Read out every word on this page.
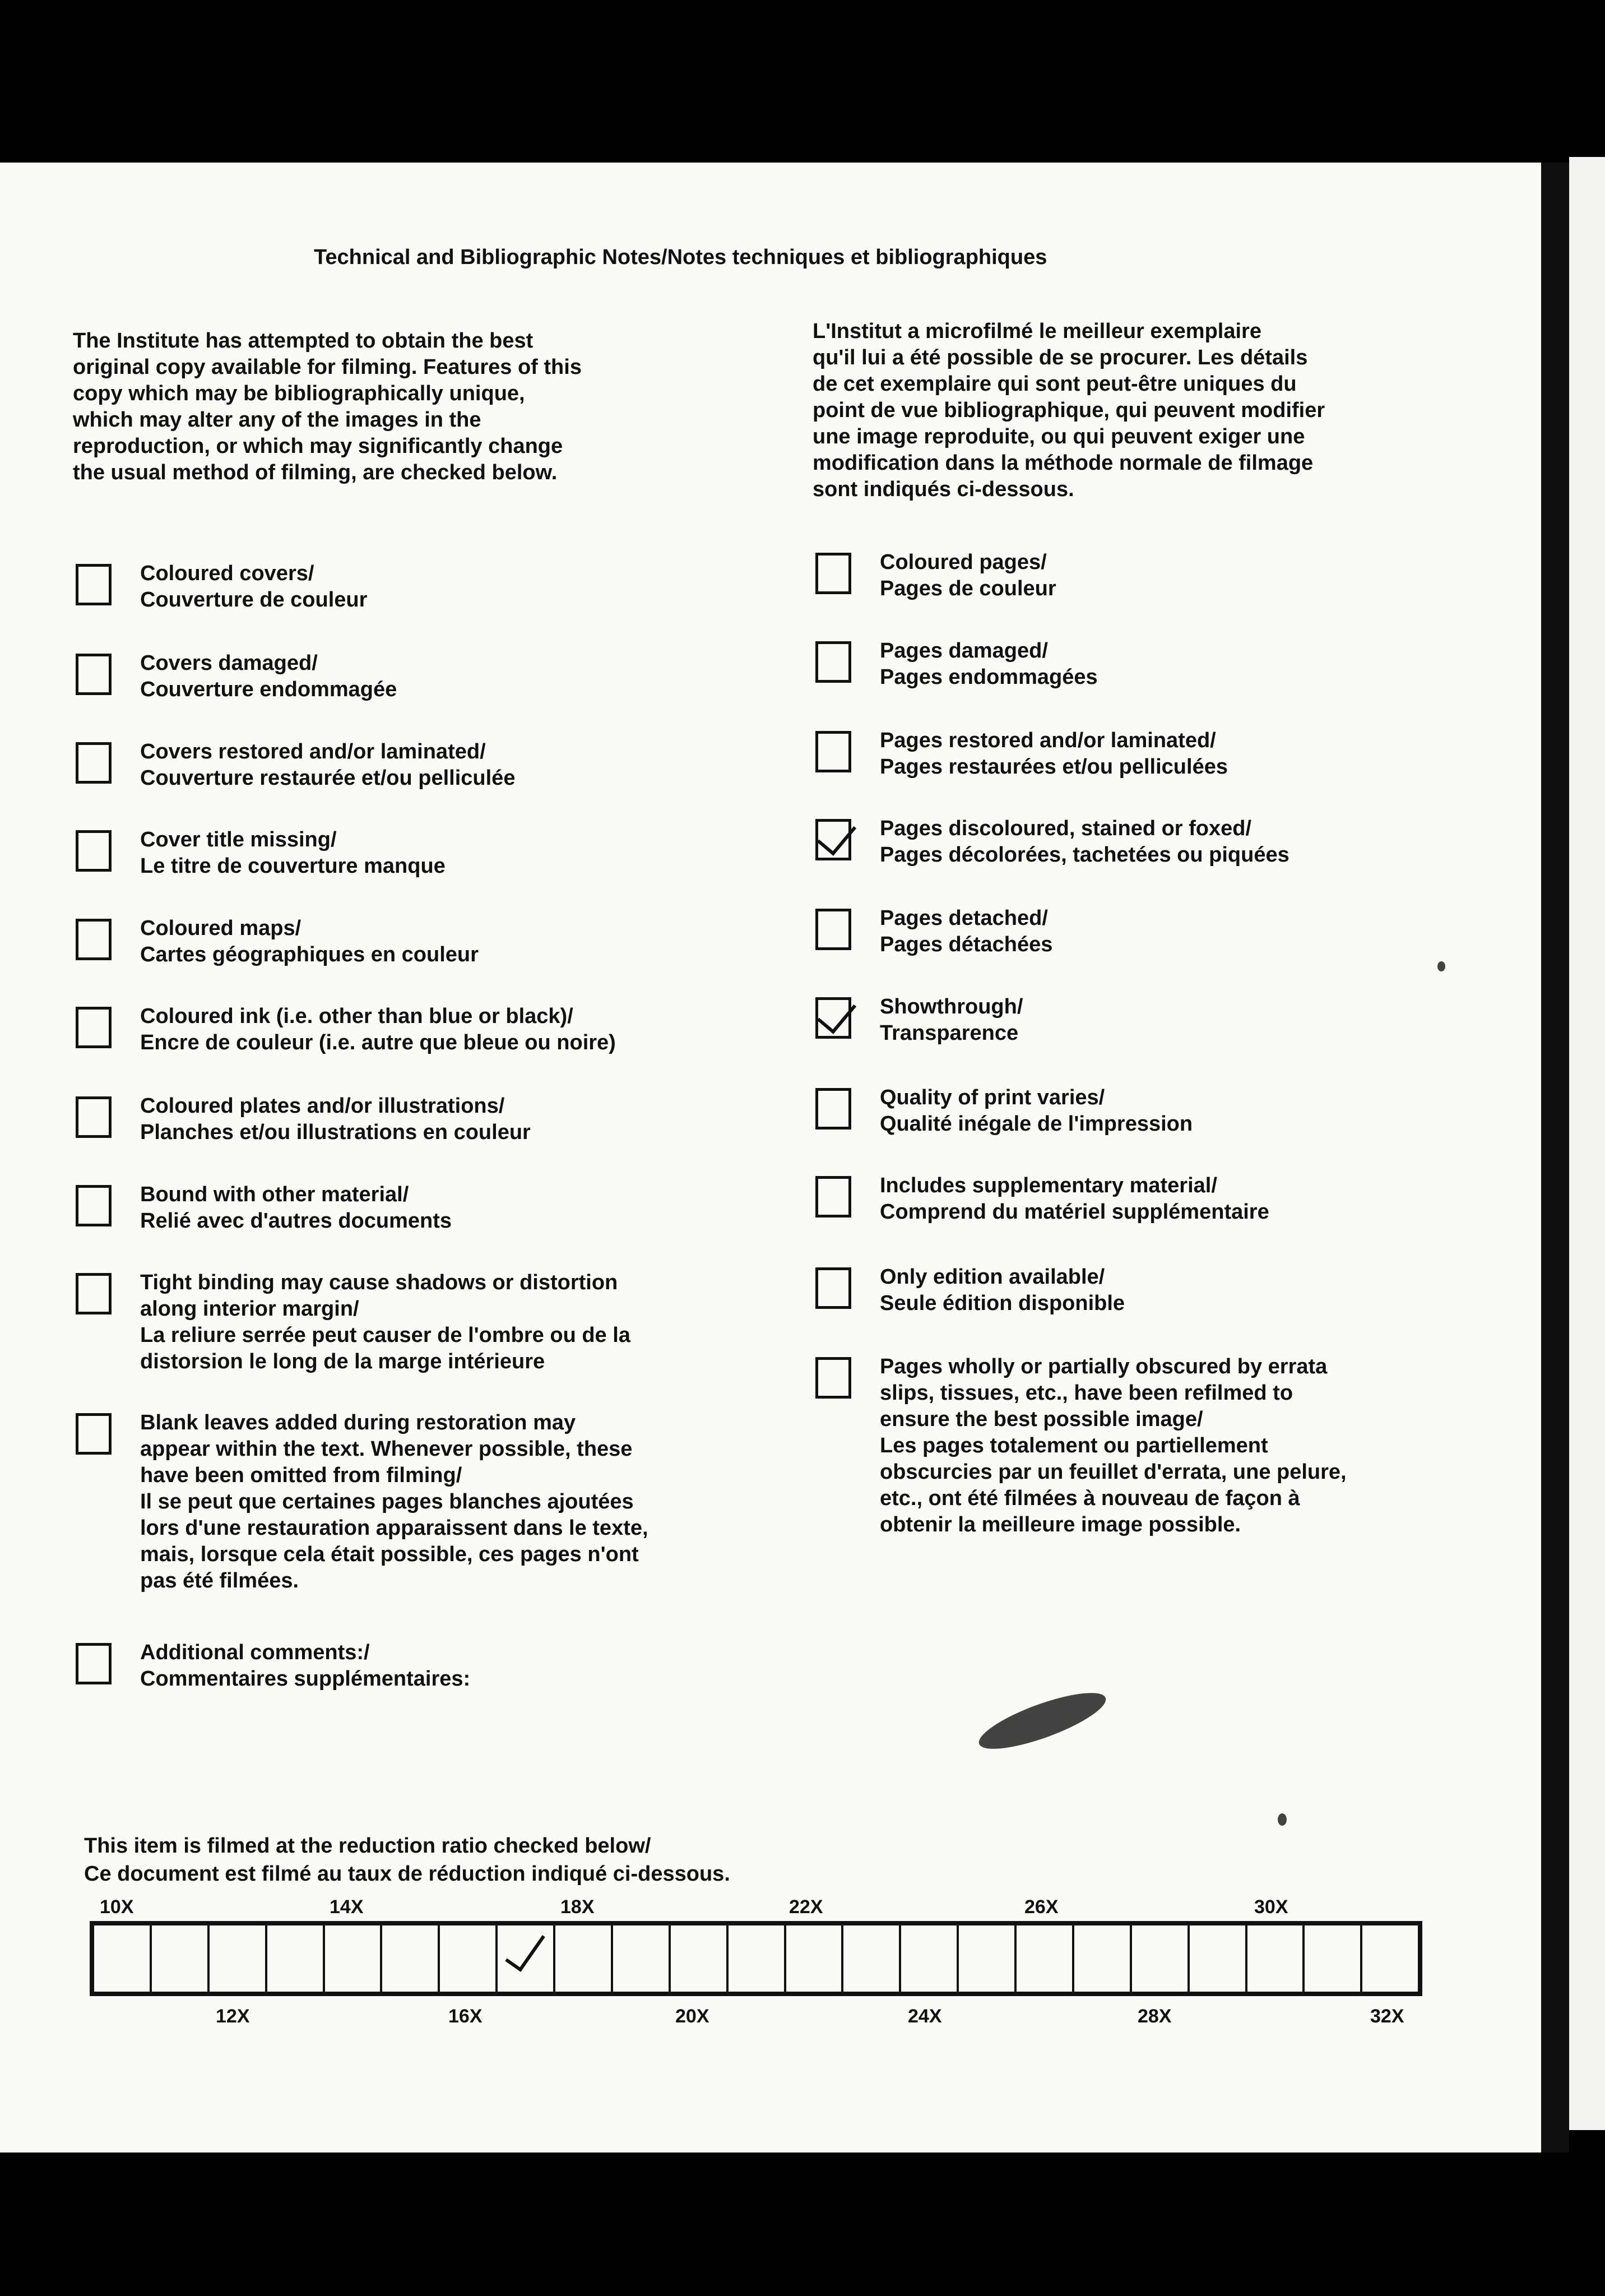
Technical and Bibliographic Notes/Notes techniques et bibliographiques
The Institute has attempted to obtain the best
original copy available for filming. Features of this
copy which may be bibliographically unique,
which may alter any of the images in the
reproduction, or which may significantly change
the usual method of filming, are checked below.
L'Institut a microfilmé le meilleur exemplaire
qu'il lui a été possible de se procurer. Les détails
de cet exemplaire qui sont peut-être uniques du
point de vue bibliographique, qui peuvent modifier
une image reproduite, ou qui peuvent exiger une
modification dans la méthode normale de filmage
sont indiqués ci-dessous.
Coloured covers/
Couverture de couleur
Covers damaged/
Couverture endommagée
Covers restored and/or laminated/
Couverture restaurée et/ou pelliculée
Cover title missing/
Le titre de couverture manque
Coloured maps/
Cartes géographiques en couleur
Coloured ink (i.e. other than blue or black)/
Encre de couleur (i.e. autre que bleue ou noire)
Coloured plates and/or illustrations/
Planches et/ou illustrations en couleur
Bound with other material/
Relié avec d'autres documents
Tight binding may cause shadows or distortion
along interior margin/
La reliure serrée peut causer de l'ombre ou de la
distorsion le long de la marge intérieure
Blank leaves added during restoration may
appear within the text. Whenever possible, these
have been omitted from filming/
Il se peut que certaines pages blanches ajoutées
lors d'une restauration apparaissent dans le texte,
mais, lorsque cela était possible, ces pages n'ont
pas été filmées.
Additional comments:/
Commentaires supplémentaires:
Coloured pages/
Pages de couleur
Pages damaged/
Pages endommagées
Pages restored and/or laminated/
Pages restaurées et/ou pelliculées
Pages discoloured, stained or foxed/
Pages décolorées, tachetées ou piquées
Pages detached/
Pages détachées
Showthrough/
Transparence
Quality of print varies/
Qualité inégale de l'impression
Includes supplementary material/
Comprend du matériel supplémentaire
Only edition available/
Seule édition disponible
Pages wholly or partially obscured by errata
slips, tissues, etc., have been refilmed to
ensure the best possible image/
Les pages totalement ou partiellement
obscurcies par un feuillet d'errata, une pelure,
etc., ont été filmées à nouveau de façon à
obtenir la meilleure image possible.
This item is filmed at the reduction ratio checked below/
Ce document est filmé au taux de réduction indiqué ci-dessous.
10X	14X	18X	22X	26X	30X
12X	16X	20X	24X	28X	32X
